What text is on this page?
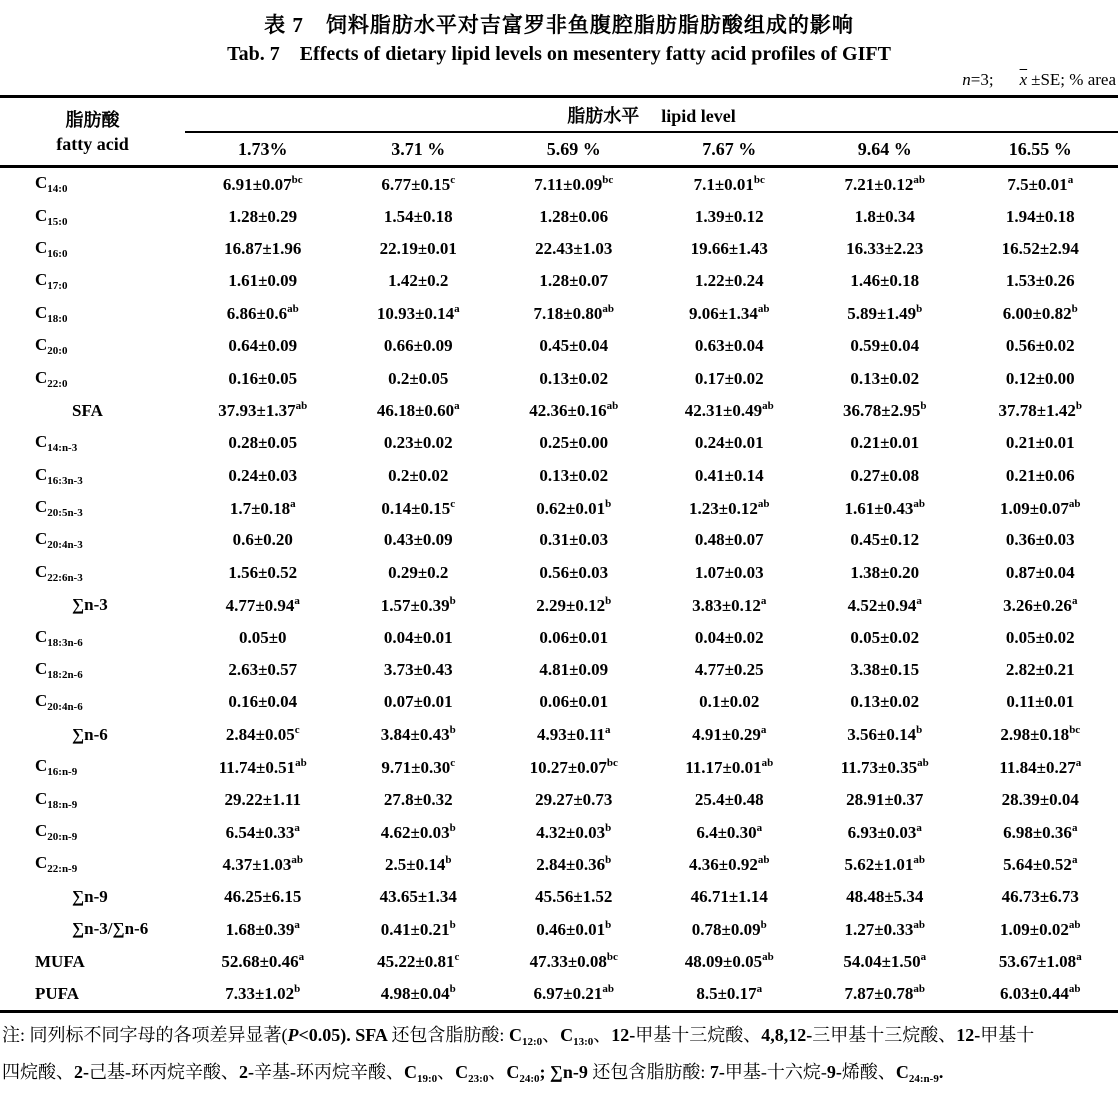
表 7　饲料脂肪水平对吉富罗非鱼腹腔脂肪脂肪酸组成的影响
Tab. 7　Effects of dietary lipid levels on mesentery fatty acid profiles of GIFT
n=3; $\overline{x} \pm SE$; % area
脂肪酸
fatty acid	脂肪水平 lipid level					
	1.73%	3.71 %	5.69 %	7.67 %	9.64 %	16.55 %
$C_{14:0}$	6.91±0.07$^{bc}$	6.77±0.15$^c$	7.11±0.09$^{bc}$	7.1±0.01$^{bc}$	7.21±0.12$^{ab}$	7.5±0.01$^a$
$C_{15:0}$	1.28±0.29	1.54±0.18	1.28±0.06	1.39±0.12	1.8±0.34	1.94±0.18
$C_{16:0}$	16.87±1.96	22.19±0.01	22.43±1.03	19.66±1.43	16.33±2.23	16.52±2.94
$C_{17:0}$	1.61±0.09	1.42±0.2	1.28±0.07	1.22±0.24	1.46±0.18	1.53±0.26
$C_{18:0}$	6.86±0.6$^{ab}$	10.93±0.14$^a$	7.18±0.80$^{ab}$	9.06±1.34$^{ab}$	5.89±1.49$^b$	6.00±0.82$^b$
$C_{20:0}$	0.64±0.09	0.66±0.09	0.45±0.04	0.63±0.04	0.59±0.04	0.56±0.02
$C_{22:0}$	0.16±0.05	0.2±0.05	0.13±0.02	0.17±0.02	0.13±0.02	0.12±0.00
SFA	37.93±1.37$^{ab}$	46.18±0.60$^a$	42.36±0.16$^{ab}$	42.31±0.49$^{ab}$	36.78±2.95$^b$	37.78±1.42$^b$
$C_{14:n-3}$	0.28±0.05	0.23±0.02	0.25±0.00	0.24±0.01	0.21±0.01	0.21±0.01
$C_{16:3n-3}$	0.24±0.03	0.2±0.02	0.13±0.02	0.41±0.14	0.27±0.08	0.21±0.06
$C_{20:5n-3}$	1.7±0.18$^a$	0.14±0.15$^c$	0.62±0.01$^b$	1.23±0.12$^{ab}$	1.61±0.43$^{ab}$	1.09±0.07$^{ab}$
$C_{20:4n-3}$	0.6±0.20	0.43±0.09	0.31±0.03	0.48±0.07	0.45±0.12	0.36±0.03
$C_{22:6n-3}$	1.56±0.52	0.29±0.2	0.56±0.03	1.07±0.03	1.38±0.20	0.87±0.04
∑n-3	4.77±0.94$^a$	1.57±0.39$^b$	2.29±0.12$^b$	3.83±0.12$^a$	4.52±0.94$^a$	3.26±0.26$^a$
$C_{18:3n-6}$	0.05±0	0.04±0.01	0.06±0.01	0.04±0.02	0.05±0.02	0.05±0.02
$C_{18:2n-6}$	2.63±0.57	3.73±0.43	4.81±0.09	4.77±0.25	3.38±0.15	2.82±0.21
$C_{20:4n-6}$	0.16±0.04	0.07±0.01	0.06±0.01	0.1±0.02	0.13±0.02	0.11±0.01
∑n-6	2.84±0.05$^c$	3.84±0.43$^b$	4.93±0.11$^a$	4.91±0.29$^a$	3.56±0.14$^b$	2.98±0.18$^{bc}$
$C_{16:n-9}$	11.74±0.51$^{ab}$	9.71±0.30$^c$	10.27±0.07$^{bc}$	11.17±0.01$^{ab}$	11.73±0.35$^{ab}$	11.84±0.27$^a$
$C_{18:n-9}$	29.22±1.11	27.8±0.32	29.27±0.73	25.4±0.48	28.91±0.37	28.39±0.04
$C_{20:n-9}$	6.54±0.33$^a$	4.62±0.03$^b$	4.32±0.03$^b$	6.4±0.30$^a$	6.93±0.03$^a$	6.98±0.36$^a$
$C_{22:n-9}$	4.37±1.03$^{ab}$	2.5±0.14$^b$	2.84±0.36$^b$	4.36±0.92$^{ab}$	5.62±1.01$^{ab}$	5.64±0.52$^a$
∑n-9	46.25±6.15	43.65±1.34	45.56±1.52	46.71±1.14	48.48±5.34	46.73±6.73
∑n-3/∑n-6	1.68±0.39$^a$	0.41±0.21$^b$	0.46±0.01$^b$	0.78±0.09$^b$	1.27±0.33$^{ab}$	1.09±0.02$^{ab}$
MUFA	52.68±0.46$^a$	45.22±0.81$^c$	47.33±0.08$^{bc}$	48.09±0.05$^{ab}$	54.04±1.50$^a$	53.67±1.08$^a$
PUFA	7.33±1.02$^b$	4.98±0.04$^b$	6.97±0.21$^{ab}$	8.5±0.17$^a$	7.87±0.78$^{ab}$	6.03±0.44$^{ab}$
注: 同列标不同字母的各项差异显著(P<0.05). SFA 还包含脂肪酸: $C_{12:0}$、$C_{13:0}$、12-甲基十三烷酸、4,8,12-三甲基十三烷酸、12-甲基十
四烷酸、2-己基-环丙烷辛酸、2-辛基-环丙烷辛酸、$C_{19:0}$、$C_{23:0}$、$C_{24:0}$; ∑n-9 还包含脂肪酸: 7-甲基-十六烷-9-烯酸、$C_{24:n-9}$.
